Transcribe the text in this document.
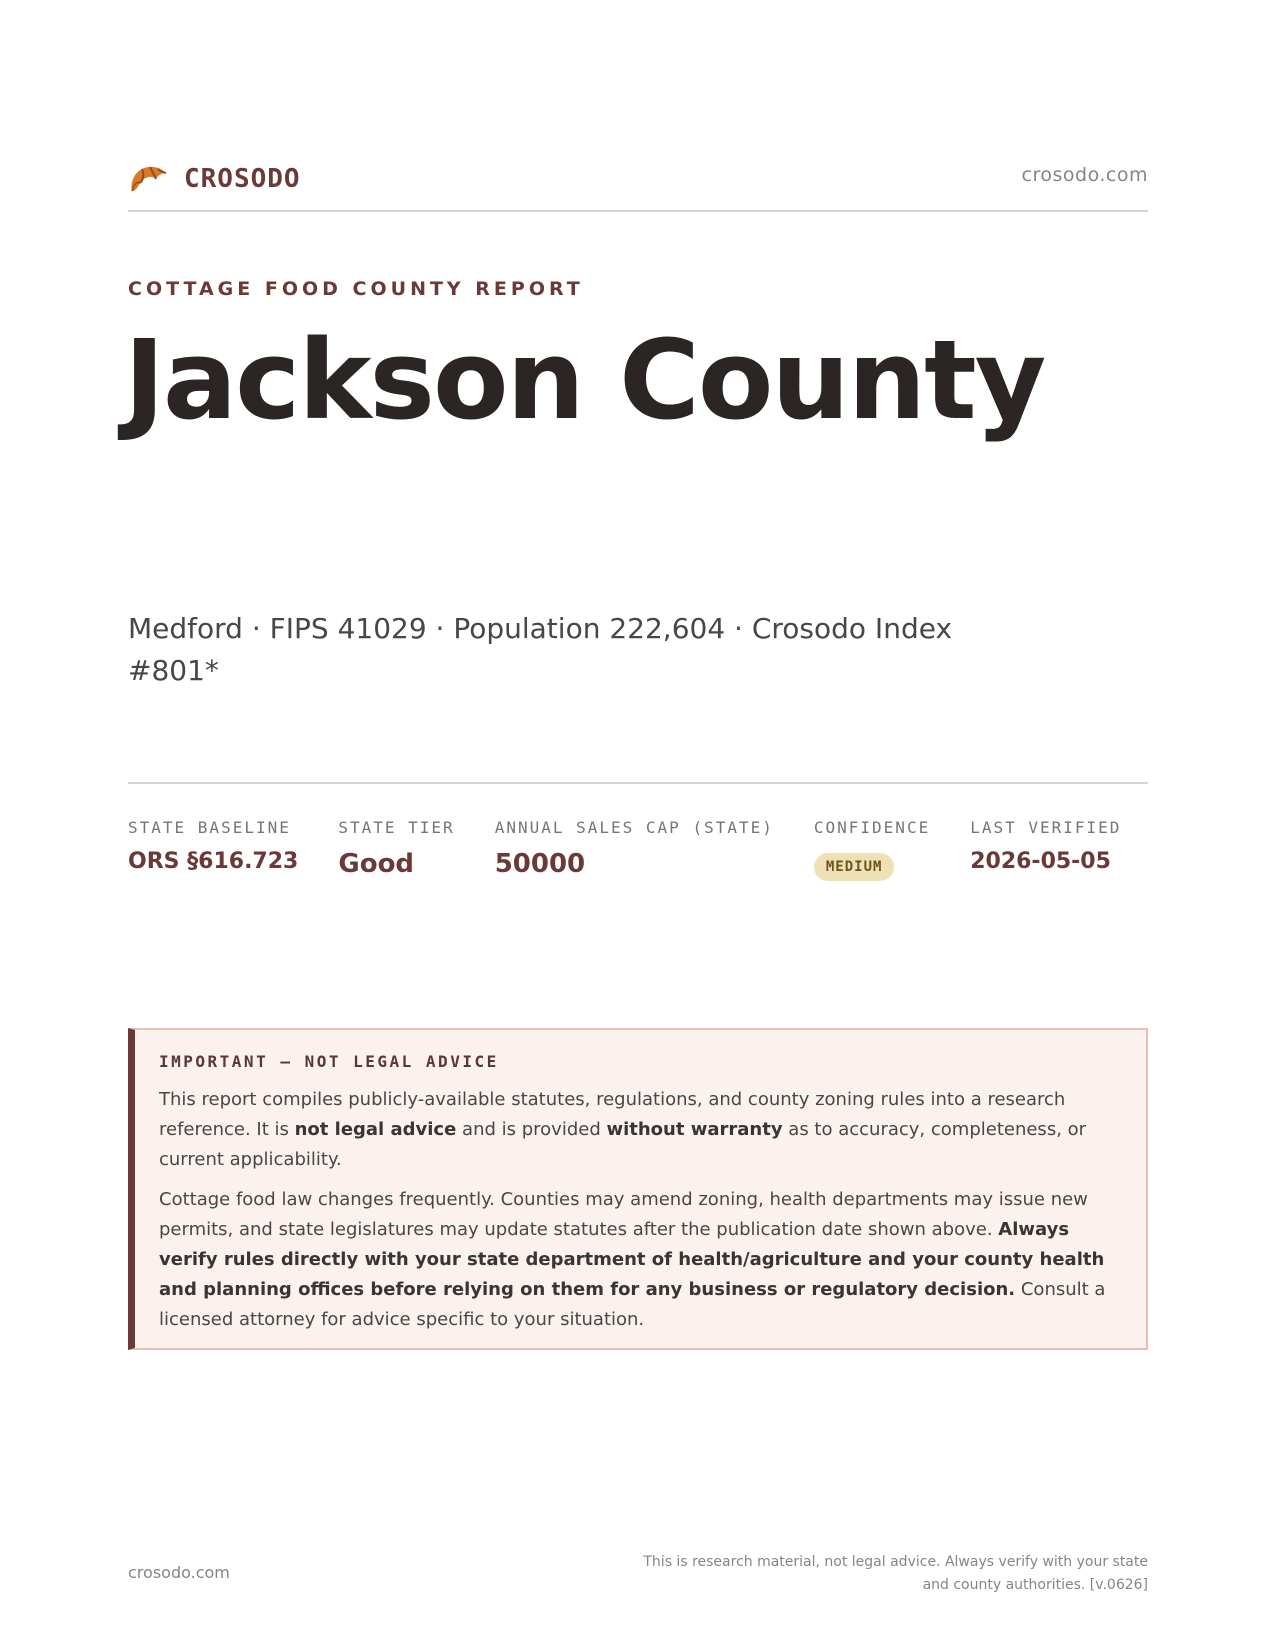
CROSODO	crosodo.com
COTTAGE FOOD COUNTY REPORT
Jackson County
Medford · FIPS 41029 · Population 222,604 · Crosodo Index #801*
STATE BASELINE
ORS §616.723
STATE TIER
Good
ANNUAL SALES CAP (STATE)
50000
CONFIDENCE
MEDIUM
LAST VERIFIED
2026-05-05
IMPORTANT — NOT LEGAL ADVICE

This report compiles publicly-available statutes, regulations, and county zoning rules into a research reference. It is not legal advice and is provided without warranty as to accuracy, completeness, or current applicability.

Cottage food law changes frequently. Counties may amend zoning, health departments may issue new permits, and state legislatures may update statutes after the publication date shown above. Always verify rules directly with your state department of health/agriculture and your county health and planning offices before relying on them for any business or regulatory decision. Consult a licensed attorney for advice specific to your situation.

crosodo.com
This is research material, not legal advice. Always verify with your state and county authorities. [v.0626]
